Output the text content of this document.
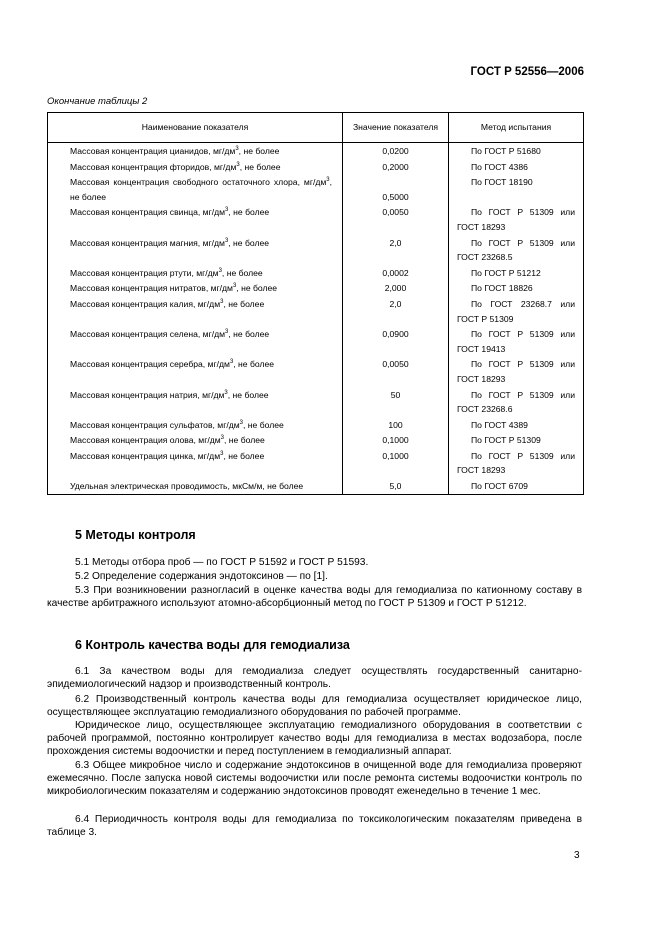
ГОСТ Р 52556—2006
Окончание таблицы 2
Наименование показателя	Значение показателя	Метод испытания
Массовая концентрация цианидов, $мг/дм^3$, не более	0,0200	По ГОСТ Р 51680

Массовая концентрация фторидов, $мг/дм^3$, не более	0,2000	По ГОСТ 4386

Массовая концентрация свободного остаточного хлора, $мг/дм^3$, не более	0,5000	По ГОСТ 18190

Массовая концентрация свинца, $мг/дм^3$, не более	0,0050	По ГОСТ Р 51309 или
ГОСТ 18293

Массовая концентрация магния, $мг/дм^3$, не более	2,0	По ГОСТ Р 51309 или
ГОСТ 23268.5

Массовая концентрация ртути, $мг/дм^3$, не более	0,0002	По ГОСТ Р 51212

Массовая концентрация нитратов, $мг/дм^3$, не более	2,000	По ГОСТ 18826

Массовая концентрация калия, $мг/дм^3$, не более	2,0	По ГОСТ 23268.7 или
ГОСТ Р 51309

Массовая концентрация селена, $мг/дм^3$, не более	0,0900	По ГОСТ Р 51309 или
ГОСТ 19413

Массовая концентрация серебра, $мг/дм^3$, не более	0,0050	По ГОСТ Р 51309 или
ГОСТ 18293

Массовая концентрация натрия, $мг/дм^3$, не более	50	По ГОСТ Р 51309 или
ГОСТ 23268.6

Массовая концентрация сульфатов, $мг/дм^3$, не более	100	По ГОСТ 4389

Массовая концентрация олова, $мг/дм^3$, не более	0,1000	По ГОСТ Р 51309

Массовая концентрация цинка, $мг/дм^3$, не более	0,1000	По ГОСТ Р 51309 или
ГОСТ 18293

Удельная электрическая проводимость, мкСм/м, не более	5,0	По ГОСТ 6709
5 Методы контроля

5.1 Методы отбора проб — по ГОСТ Р 51592 и ГОСТ Р 51593.

5.2 Определение содержания эндотоксинов — по [1].

5.3 При возникновении разногласий в оценке качества воды для гемодиализа по катионному составу в качестве арбитражного используют атомно-абсорбционный метод по ГОСТ Р 51309 и ГОСТ Р 51212.

6 Контроль качества воды для гемодиализа

6.1 За качеством воды для гемодиализа следует осуществлять государственный санитарно-эпидемиологический надзор и производственный контроль.

6.2 Производственный контроль качества воды для гемодиализа осуществляет юридическое лицо, осуществляющее эксплуатацию гемодиализного оборудования по рабочей программе.

Юридическое лицо, осуществляющее эксплуатацию гемодиализного оборудования в соответствии с рабочей программой, постоянно контролирует качество воды для гемодиализа в местах водозабора, после прохождения системы водоочистки и перед поступлением в гемодиализный аппарат.

6.3 Общее микробное число и содержание эндотоксинов в очищенной воде для гемодиализа проверяют ежемесячно. После запуска новой системы водоочистки или после ремонта системы водоочистки контроль по микробиологическим показателям и содержанию эндотоксинов проводят еженедельно в течение 1 мес.

6.4 Периодичность контроля воды для гемодиализа по токсикологическим показателям приведена в таблице 3.

3
